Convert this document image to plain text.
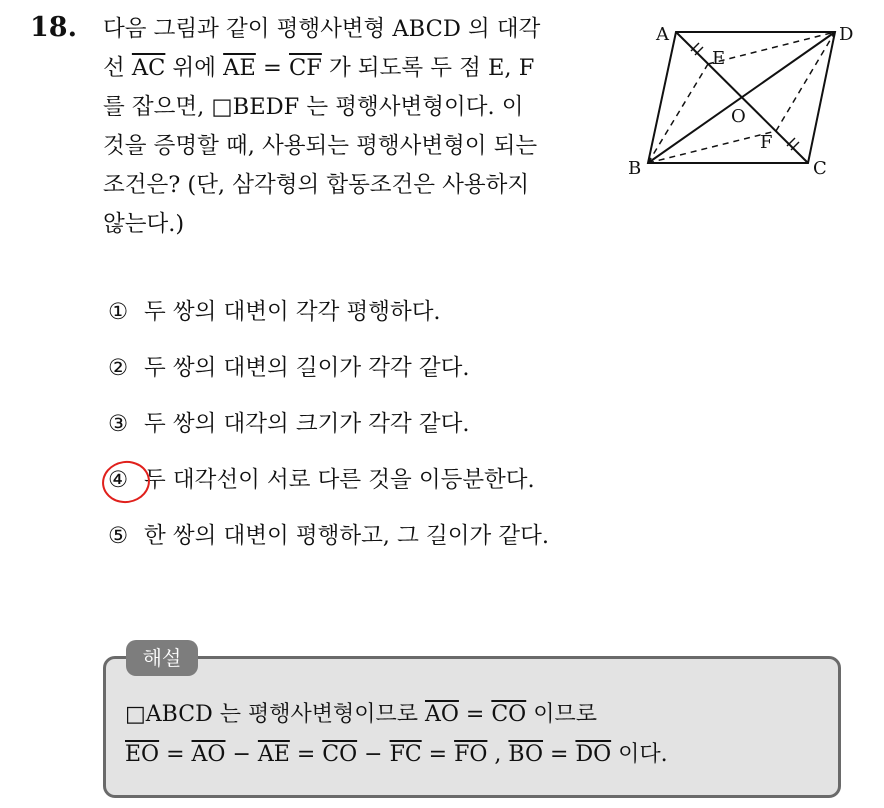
18. 다음 그림과 같이 평행사변형 ABCD 의 대각
선 $\overline{AC}$ 위에 $\overline{AE} = \overline{CF}$ 가 되도록 두 점 E, F
를 잡으면, □BEDF 는 평행사변형이다. 이
것을 증명할 때, 사용되는 평행사변형이 되는
조건은? (단, 삼각형의 합동조건은 사용하지
않는다.)
A	D
E
O
F
B	C
① 두 쌍의 대변이 각각 평행하다.
② 두 쌍의 대변의 길이가 각각 같다.
③ 두 쌍의 대각의 크기가 각각 같다.
④ 두 대각선이 서로 다른 것을 이등분한다.
⑤ 한 쌍의 대변이 평행하고, 그 길이가 같다.
해설
□ABCD 는 평행사변형이므로 $\overline{AO} = \overline{CO}$ 이므로
$\overline{EO} = \overline{AO} - \overline{AE} = \overline{CO} - \overline{FC} = \overline{FO}$ , $\overline{BO} = \overline{DO}$ 이다.
